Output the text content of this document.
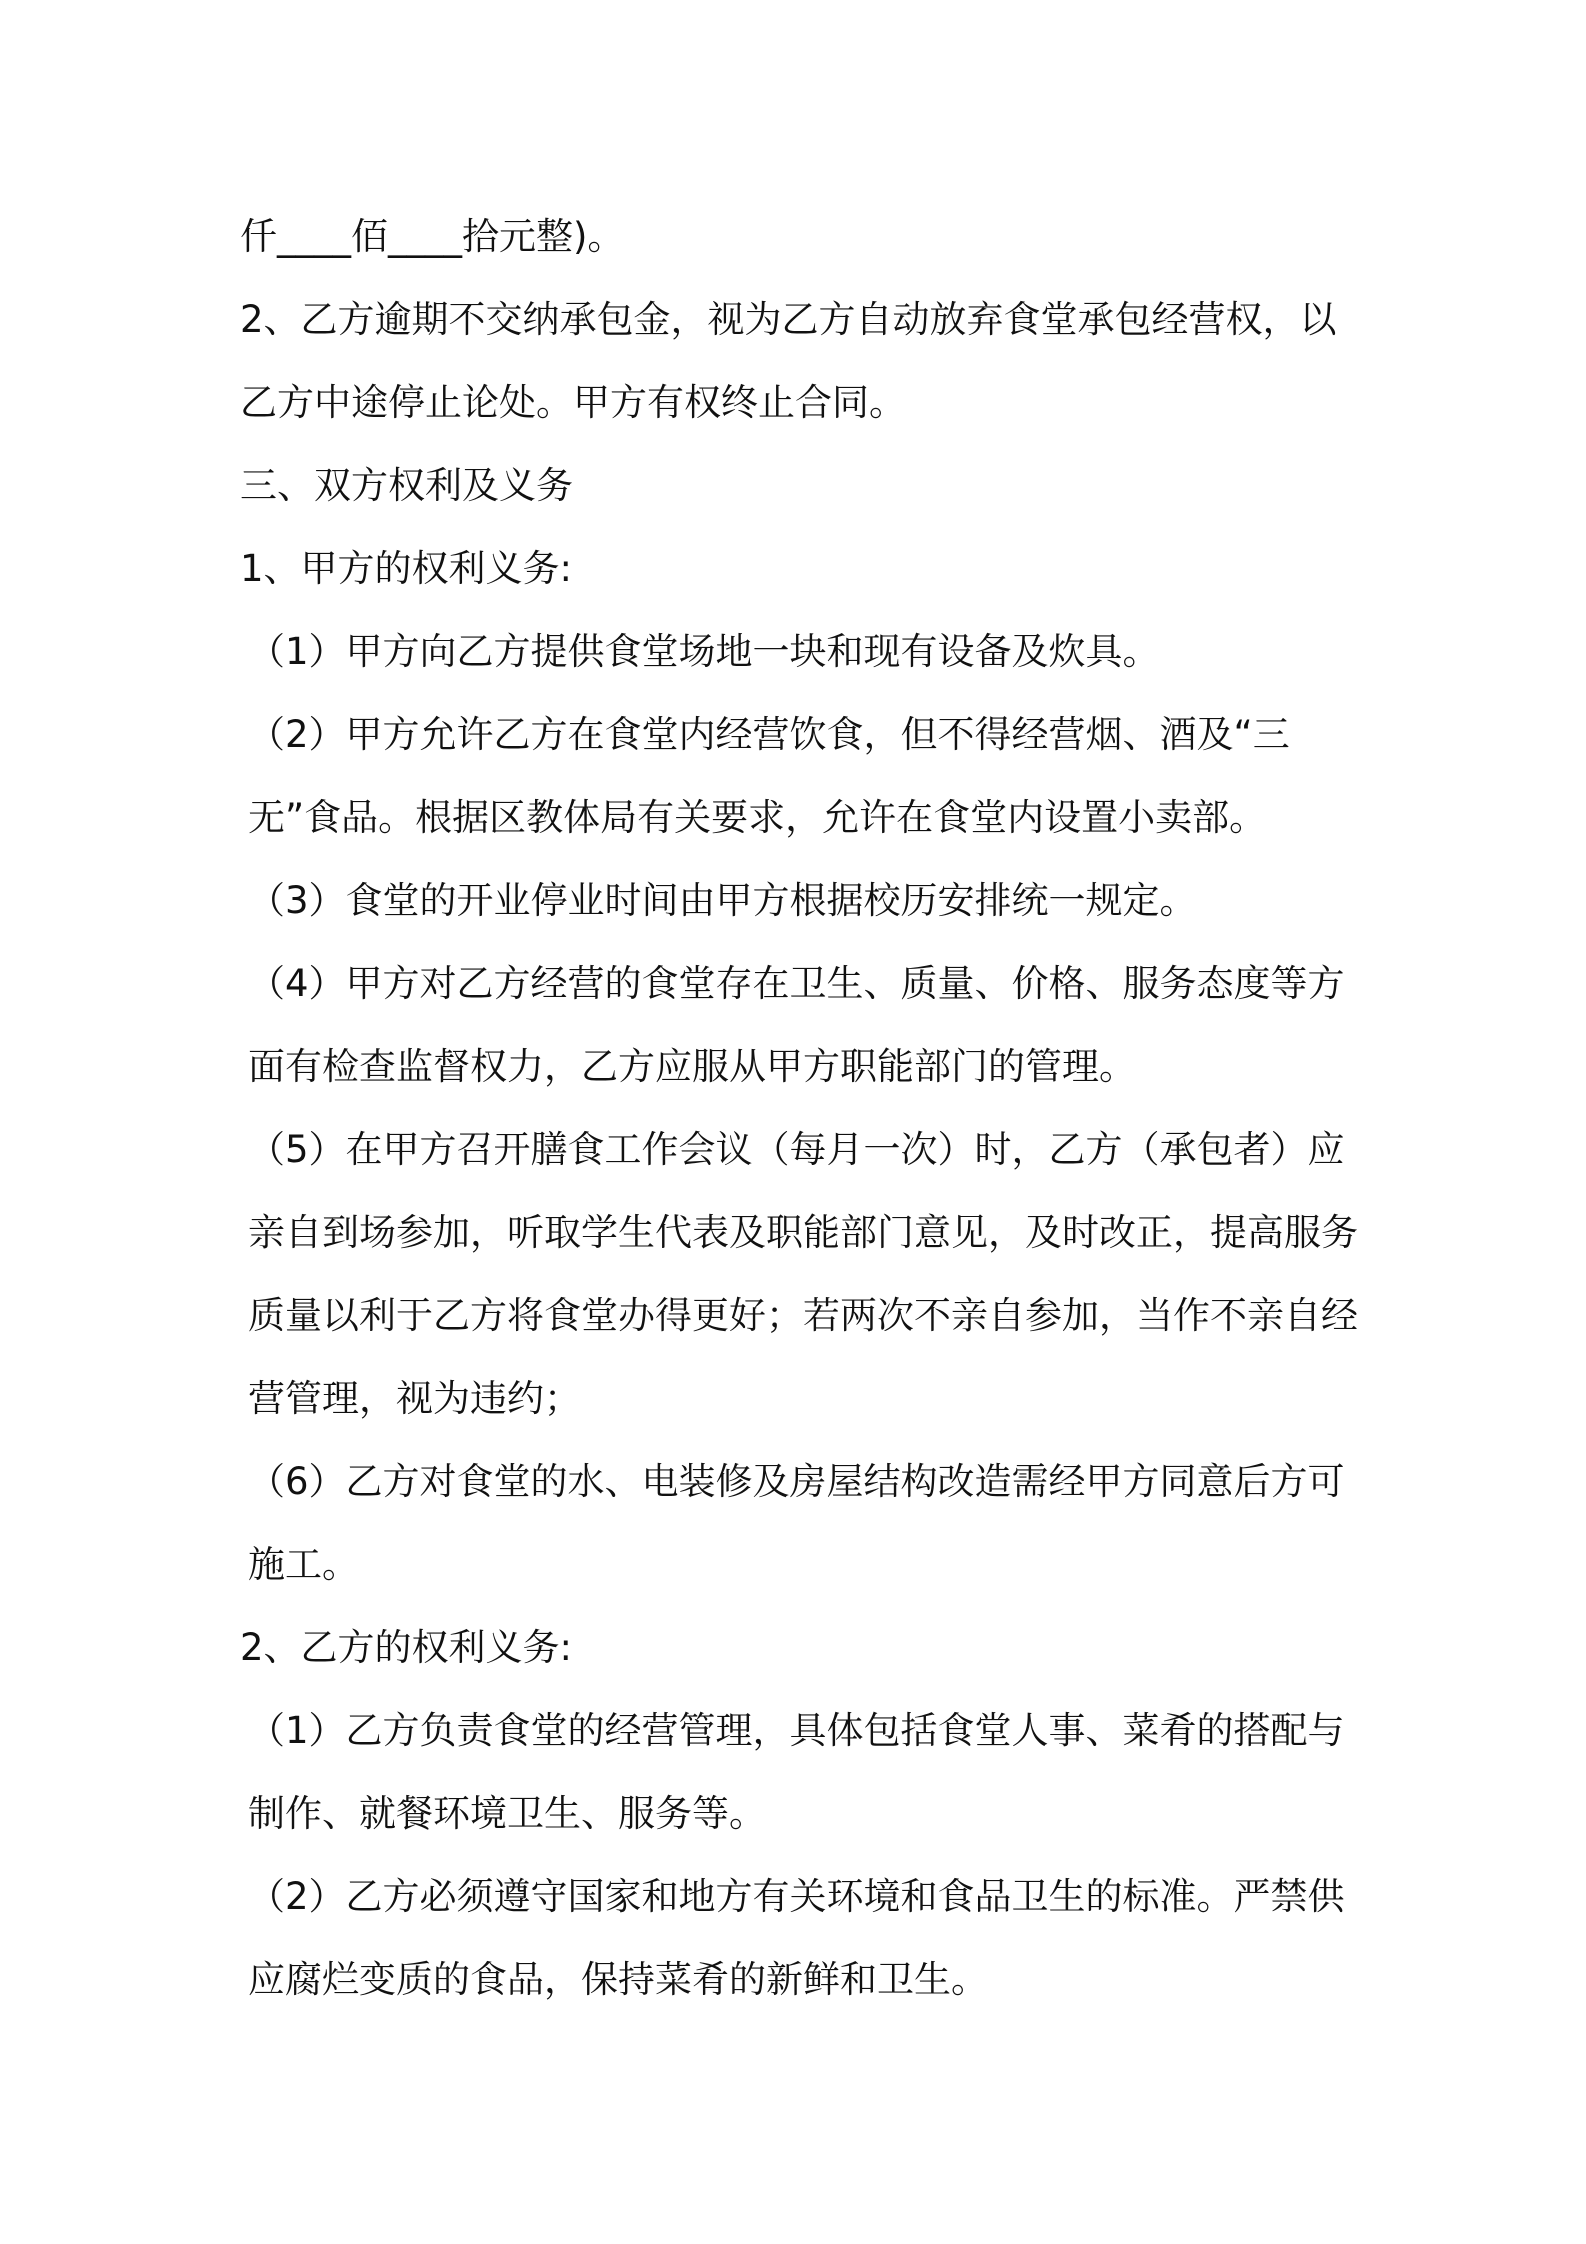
仟____佰____拾元整)。

2、乙方逾期不交纳承包金，视为乙方自动放弃食堂承包经营权，以乙方中途停止论处。甲方有权终止合同。

三、双方权利及义务

1、甲方的权利义务:

（1）甲方向乙方提供食堂场地一块和现有设备及炊具。

（2）甲方允许乙方在食堂内经营饮食，但不得经营烟、酒及“三无”食品。根据区教体局有关要求，允许在食堂内设置小卖部。

（3）食堂的开业停业时间由甲方根据校历安排统一规定。

（4）甲方对乙方经营的食堂存在卫生、质量、价格、服务态度等方面有检查监督权力，乙方应服从甲方职能部门的管理。

（5）在甲方召开膳食工作会议（每月一次）时，乙方（承包者）应亲自到场参加，听取学生代表及职能部门意见，及时改正，提高服务质量以利于乙方将食堂办得更好；若两次不亲自参加，当作不亲自经营管理，视为违约；

（6）乙方对食堂的水、电装修及房屋结构改造需经甲方同意后方可施工。

2、乙方的权利义务:

（1）乙方负责食堂的经营管理，具体包括食堂人事、菜肴的搭配与制作、就餐环境卫生、服务等。

（2）乙方必须遵守国家和地方有关环境和食品卫生的标准。严禁供应腐烂变质的食品，保持菜肴的新鲜和卫生。
